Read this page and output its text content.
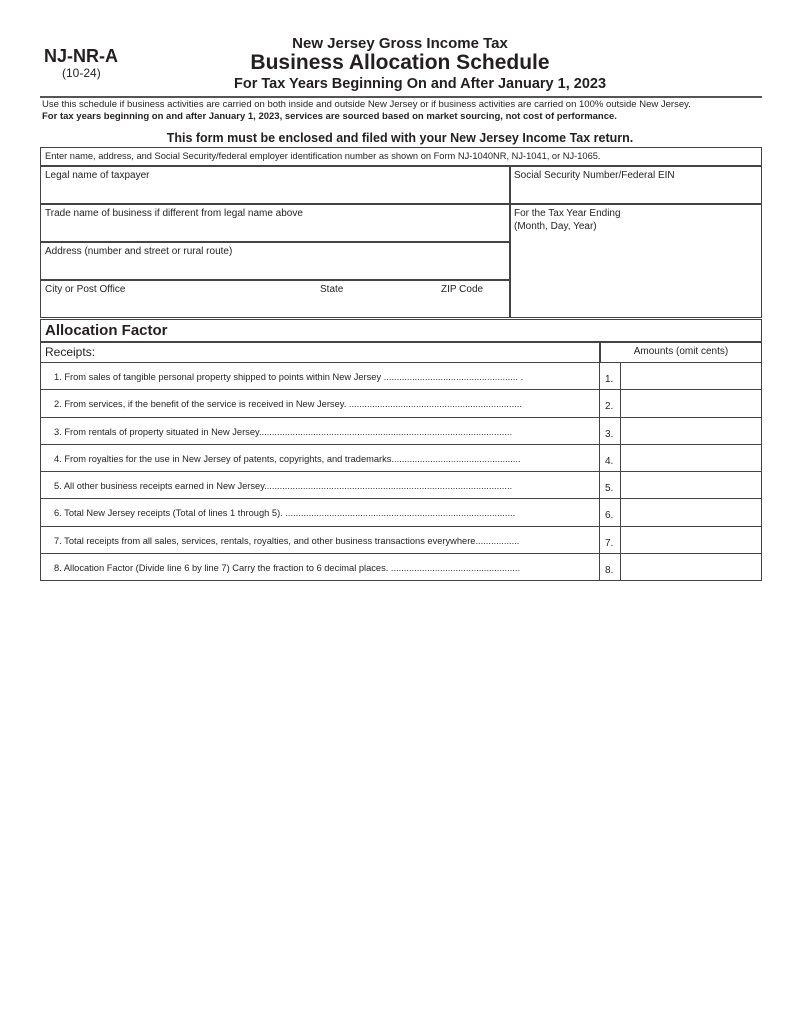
NJ-NR-A
(10-24)
New Jersey Gross Income Tax
Business Allocation Schedule
For Tax Years Beginning On and After January 1, 2023
Use this schedule if business activities are carried on both inside and outside New Jersey or if business activities are carried on 100% outside New Jersey.
For tax years beginning on and after January 1, 2023, services are sourced based on market sourcing, not cost of performance.
This form must be enclosed and filed with your New Jersey Income Tax return.
Enter name, address, and Social Security/federal employer identification number as shown on Form NJ-1040NR, NJ-1041, or NJ-1065.
Legal name of taxpayer	Social Security Number/Federal EIN
Trade name of business if different from legal name above	For the Tax Year Ending
(Month, Day, Year)
Address (number and street or rural route)
City or Post Office	State	ZIP Code
Allocation Factor
Receipts:	Amounts (omit cents)
1. From sales of tangible personal property shipped to points within New Jersey .................................................... .	1.
2. From services, if the benefit of the service is received in New Jersey. ...................................................................	2.
3. From rentals of property situated in New Jersey..................................................................................................	3.
4. From royalties for the use in New Jersey of patents, copyrights, and trademarks..................................................	4.
5. All other business receipts earned in New Jersey................................................................................................	5.
6. Total New Jersey receipts (Total of lines 1 through 5). .........................................................................................	6.
7. Total receipts from all sales, services, rentals, royalties, and other business transactions everywhere.................	7.
8. Allocation Factor (Divide line 6 by line 7) Carry the fraction to 6 decimal places. ..................................................	8.
